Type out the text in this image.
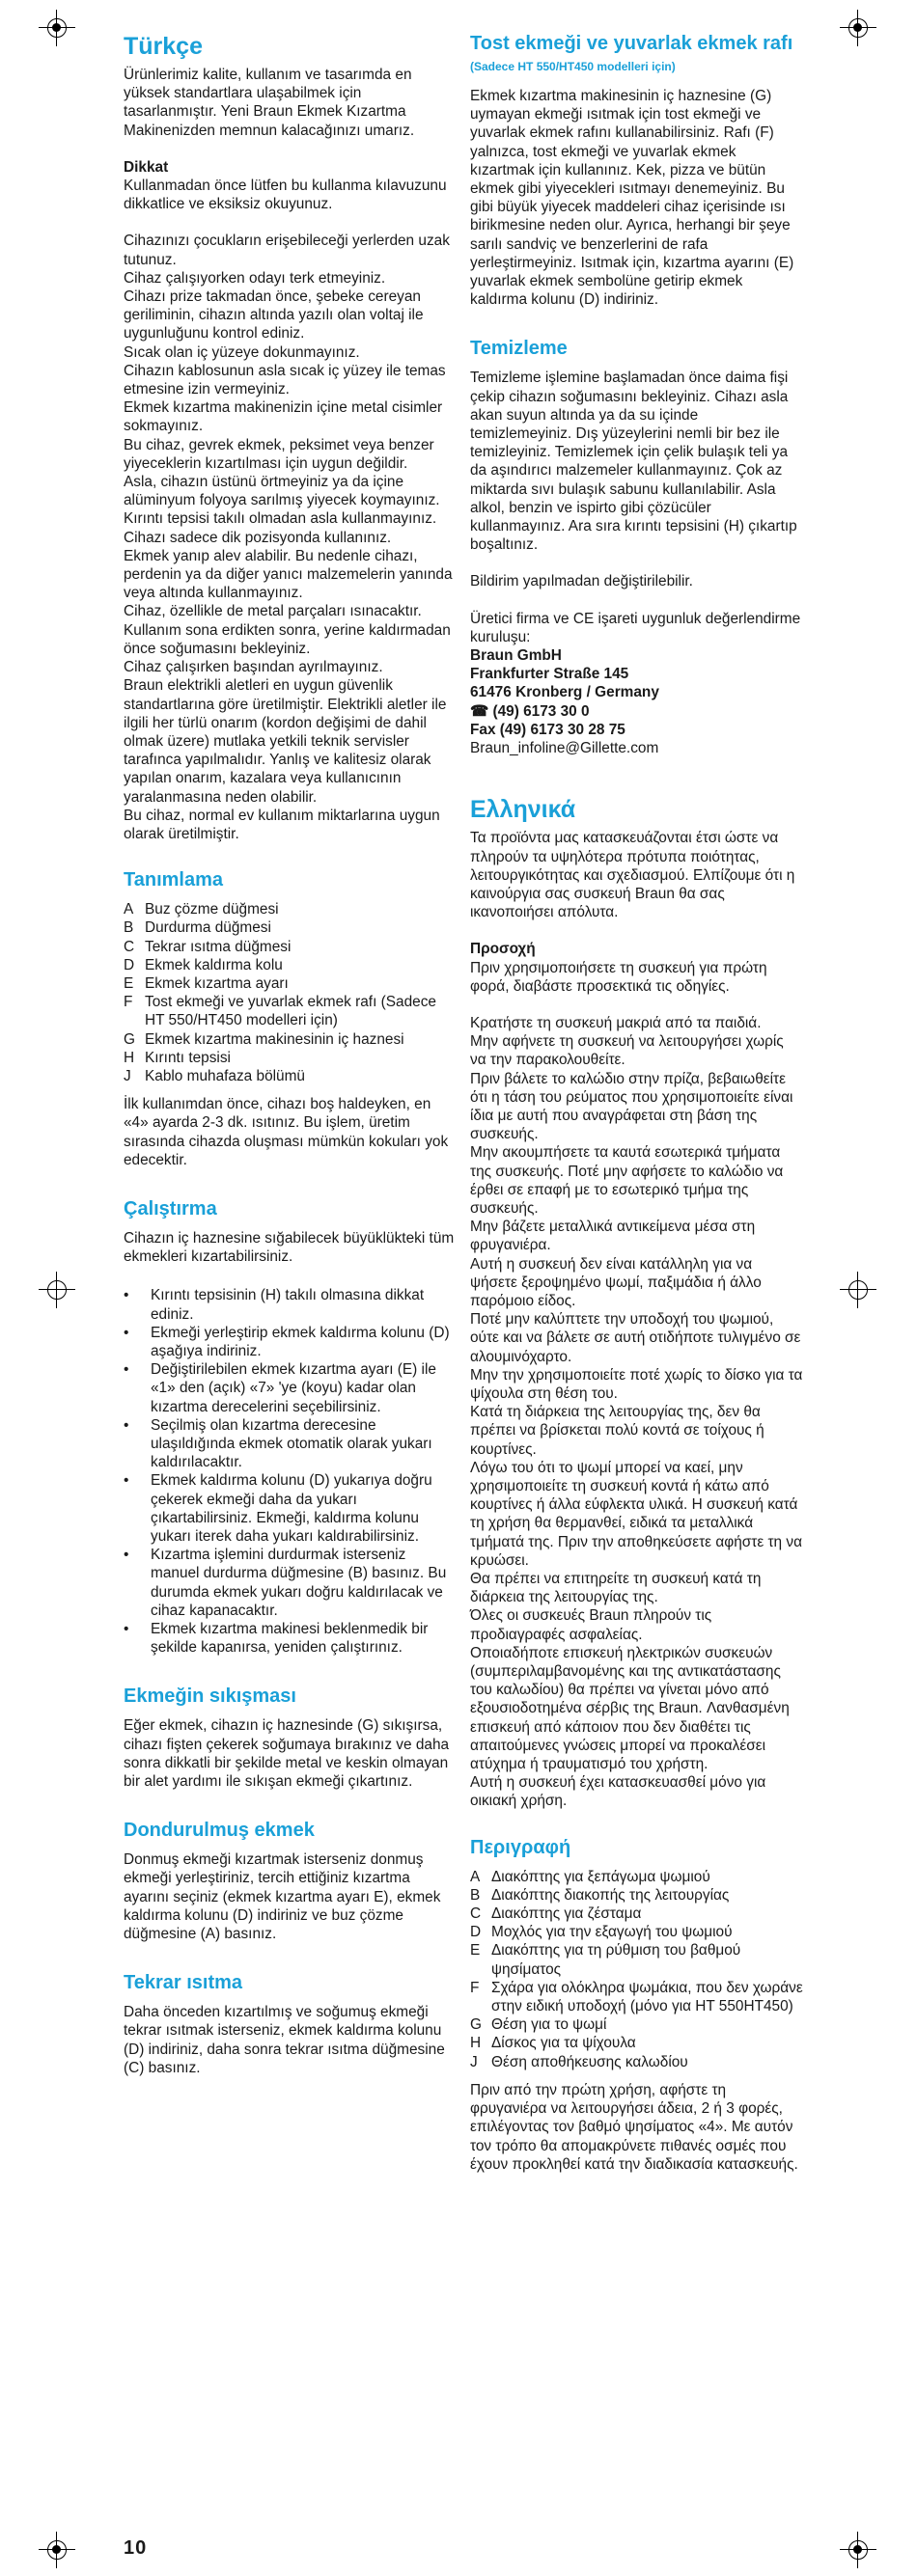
Türkçe

Ürünlerimiz kalite, kullanım ve tasarımda en yüksek standartlara ulaşabilmek için tasarlanmıştır. Yeni Braun Ekmek Kızartma Makinenizden memnun kalacağınızı umarız.

Dikkat

Kullanmadan önce lütfen bu kullanma kılavuzunu dikkatlice ve eksiksiz okuyunuz.

Cihazınızı çocukların erişebileceği yerlerden uzak tutunuz.
Cihaz çalışıyorken odayı terk etmeyiniz.
Cihazı prize takmadan önce, şebeke cereyan geriliminin, cihazın altında yazılı olan voltaj ile uygunluğunu kontrol ediniz.
Sıcak olan iç yüzeye dokunmayınız.
Cihazın kablosunun asla sıcak iç yüzey ile temas etmesine izin vermeyiniz.
Ekmek kızartma makinenizin içine metal cisimler sokmayınız.
Bu cihaz, gevrek ekmek, peksimet veya benzer yiyeceklerin kızartılması için uygun değildir.
Asla, cihazın üstünü örtmeyiniz ya da içine alüminyum folyoya sarılmış yiyecek koymayınız.
Kırıntı tepsisi takılı olmadan asla kullanmayınız.
Cihazı sadece dik pozisyonda kullanınız.
Ekmek yanıp alev alabilir. Bu nedenle cihazı, perdenin ya da diğer yanıcı malzemelerin yanında veya altında kullanmayınız.
Cihaz, özellikle de metal parçaları ısınacaktır. Kullanım sona erdikten sonra, yerine kaldırmadan önce soğumasını bekleyiniz.
Cihaz çalışırken başından ayrılmayınız.
Braun elektrikli aletleri en uygun güvenlik standartlarına göre üretilmiştir. Elektrikli aletler ile ilgili her türlü onarım (kordon değişimi de dahil olmak üzere) mutlaka yetkili teknik servisler tarafınca yapılmalıdır. Yanlış ve kalitesiz olarak yapılan onarım, kazalara veya kullanıcının yaralanmasına neden olabilir.
Bu cihaz, normal ev kullanım miktarlarına uygun olarak üretilmiştir.

Tanımlama
A Buz çözme düğmesi
B Durdurma düğmesi
C Tekrar ısıtma düğmesi
D Ekmek kaldırma kolu
E Ekmek kızartma ayarı
F Tost ekmeği ve yuvarlak ekmek rafı (Sadece HT 550/HT450 modelleri için)
G Ekmek kızartma makinesinin iç haznesi
H Kırıntı tepsisi
J Kablo muhafaza bölümü

İlk kullanımdan önce, cihazı boş haldeyken, en «4» ayarda 2-3 dk. ısıtınız. Bu işlem, üretim sırasında cihazda oluşması mümkün kokuları yok edecektir.

Çalıştırma

Cihazın iç haznesine sığabilecek büyüklükteki tüm ekmekleri kızartabilirsiniz.

• Kırıntı tepsisinin (H) takılı olmasına dikkat ediniz.
• Ekmeği yerleştirip ekmek kaldırma kolunu (D) aşağıya indiriniz.
• Değiştirilebilen ekmek kızartma ayarı (E) ile «1» den (açık) «7» 'ye (koyu) kadar olan kızartma derecelerini seçebilirsiniz.
• Seçilmiş olan kızartma derecesine ulaşıldığında ekmek otomatik olarak yukarı kaldırılacaktır.
• Ekmek kaldırma kolunu (D) yukarıya doğru çekerek ekmeği daha da yukarı çıkartabilirsiniz. Ekmeği, kaldırma kolunu yukarı iterek daha yukarı kaldırabilirsiniz.
• Kızartma işlemini durdurmak isterseniz manuel durdurma düğmesine (B) basınız. Bu durumda ekmek yukarı doğru kaldırılacak ve cihaz kapanacaktır.
• Ekmek kızartma makinesi beklenmedik bir şekilde kapanırsa, yeniden çalıştırınız.
Ekmeğin sıkışması

Eğer ekmek, cihazın iç haznesinde (G) sıkışırsa, cihazı fişten çekerek soğumaya bırakınız ve daha sonra dikkatli bir şekilde metal ve keskin olmayan bir alet yardımı ile sıkışan ekmeği çıkartınız.

Dondurulmuş ekmek

Donmuş ekmeği kızartmak isterseniz donmuş ekmeği yerleştiriniz, tercih ettiğiniz kızartma ayarını seçiniz (ekmek kızartma ayarı E), ekmek kaldırma kolunu (D) indiriniz ve buz çözme düğmesine (A) basınız.

Tekrar ısıtma

Daha önceden kızartılmış ve soğumuş ekmeği tekrar ısıtmak isterseniz, ekmek kaldırma kolunu (D) indiriniz, daha sonra tekrar ısıtma düğmesine (C) basınız.

Tost ekmeği ve yuvarlak ekmek rafı
(Sadece HT 550/HT450 modelleri için)

Ekmek kızartma makinesinin iç haznesine (G) uymayan ekmeği ısıtmak için tost ekmeği ve yuvarlak ekmek rafını kullanabilirsiniz. Rafı (F) yalnızca, tost ekmeği ve yuvarlak ekmek kızartmak için kullanınız. Kek, pizza ve bütün ekmek gibi yiyecekleri ısıtmayı denemeyiniz. Bu gibi büyük yiyecek maddeleri cihaz içerisinde ısı birikmesine neden olur. Ayrıca, herhangi bir şeye sarılı sandviç ve benzerlerini de rafa yerleştirmeyiniz. Isıtmak için, kızartma ayarını (E) yuvarlak ekmek sembolüne getirip ekmek kaldırma kolunu (D) indiriniz.

Temizleme

Temizleme işlemine başlamadan önce daima fişi çekip cihazın soğumasını bekleyiniz. Cihazı asla akan suyun altında ya da su içinde temizlemeyiniz. Dış yüzeylerini nemli bir bez ile temizleyiniz. Temizlemek için çelik bulaşık teli ya da aşındırıcı malzemeler kullanmayınız. Çok az miktarda sıvı bulaşık sabunu kullanılabilir. Asla alkol, benzin ve ispirto gibi çözücüler kullanmayınız. Ara sıra kırıntı tepsisini (H) çıkartıp boşaltınız.

Bildirim yapılmadan değiştirilebilir.

Üretici firma ve CE işareti uygunluk değerlendirme kuruluşu:

Braun GmbH
Frankfurter Straße 145
61476 Kronberg / Germany
☎ (49) 6173 30 0
Fax (49) 6173 30 28 75
Braun_infoline@Gillette.com
Ελληνικά

Τα προϊόντα μας κατασκευάζονται έτσι ώστε να πληρούν τα υψηλότερα πρότυπα ποιότητας, λειτουργικότητας και σχεδιασμού. Ελπίζουμε ότι η καινούργια σας συσκευή Braun θα σας ικανοποιήσει απόλυτα.

Προσοχή

Πριν χρησιμοποιήσετε τη συσκευή για πρώτη φορά, διαβάστε προσεκτικά τις οδηγίες.

Κρατήστε τη συσκευή μακριά από τα παιδιά.
Μην αφήνετε τη συσκευή να λειτουργήσει χωρίς να την παρακολουθείτε.
Πριν βάλετε το καλώδιο στην πρίζα, βεβαιωθείτε ότι η τάση του ρεύματος που χρησιμοποιείτε είναι ίδια με αυτή που αναγράφεται στη βάση της συσκευής.
Μην ακουμπήσετε τα καυτά εσωτερικά τμήματα της συσκευής. Ποτέ μην αφήσετε το καλώδιο να έρθει σε επαφή με το εσωτερικό τμήμα της συσκευής.
Μην βάζετε μεταλλικά αντικείμενα μέσα στη φρυγανιέρα.
Αυτή η συσκευή δεν είναι κατάλληλη για να ψήσετε ξεροψημένο ψωμί, παξιμάδια ή άλλο παρόμοιο είδος.
Ποτέ μην καλύπτετε την υποδοχή του ψωμιού, ούτε και να βάλετε σε αυτή οτιδήποτε τυλιγμένο σε αλουμινόχαρτο.
Μην την χρησιμοποιείτε ποτέ χωρίς το δίσκο για τα ψίχουλα στη θέση του.
Κατά τη διάρκεια της λειτουργίας της, δεν θα πρέπει να βρίσκεται πολύ κοντά σε τοίχους ή κουρτίνες.
Λόγω του ότι το ψωμί μπορεί να καεί, μην χρησιμοποιείτε τη συσκευή κοντά ή κάτω από κουρτίνες ή άλλα εύφλεκτα υλικά. Η συσκευή κατά τη χρήση θα θερμανθεί, ειδικά τα μεταλλικά τμήματά της. Πριν την αποθηκεύσετε αφήστε τη να κρυώσει.
Θα πρέπει να επιτηρείτε τη συσκευή κατά τη διάρκεια της λειτουργίας της.
Όλες οι συσκευές Braun πληρούν τις προδιαγραφές ασφαλείας.
Οποιαδήποτε επισκευή ηλεκτρικών συσκευών (συμπεριλαμβανομένης και της αντικατάστασης του καλωδίου) θα πρέπει να γίνεται μόνο από εξουσιοδοτημένα σέρβις της Braun. Λανθασμένη επισκευή από κάποιον που δεν διαθέτει τις απαιτούμενες γνώσεις μπορεί να προκαλέσει ατύχημα ή τραυματισμό του χρήστη.
Αυτή η συσκευή έχει κατασκευασθεί μόνο για οικιακή χρήση.

Περιγραφή
A Διακόπτης για ξεπάγωμα ψωμιού
B Διακόπτης διακοπής της λειτουργίας
C Διακόπτης για ζέσταμα
D Μοχλός για την εξαγωγή του ψωμιού
E Διακόπτης για τη ρύθμιση του βαθμού ψησίματος
F Σχάρα για ολόκληρα ψωμάκια, που δεν χωράνε στην ειδική υποδοχή (μόνο για HT 550HT450)
G Θέση για το ψωμί
H Δίσκος για τα ψίχουλα
J Θέση αποθήκευσης καλωδίου

Πριν από την πρώτη χρήση, αφήστε τη φρυγανιέρα να λειτουργήσει άδεια, 2 ή 3 φορές, επιλέγοντας τον βαθμό ψησίματος «4». Με αυτόν τον τρόπο θα απομακρύνετε πιθανές οσμές που έχουν προκληθεί κατά την διαδικασία κατασκευής.

10
